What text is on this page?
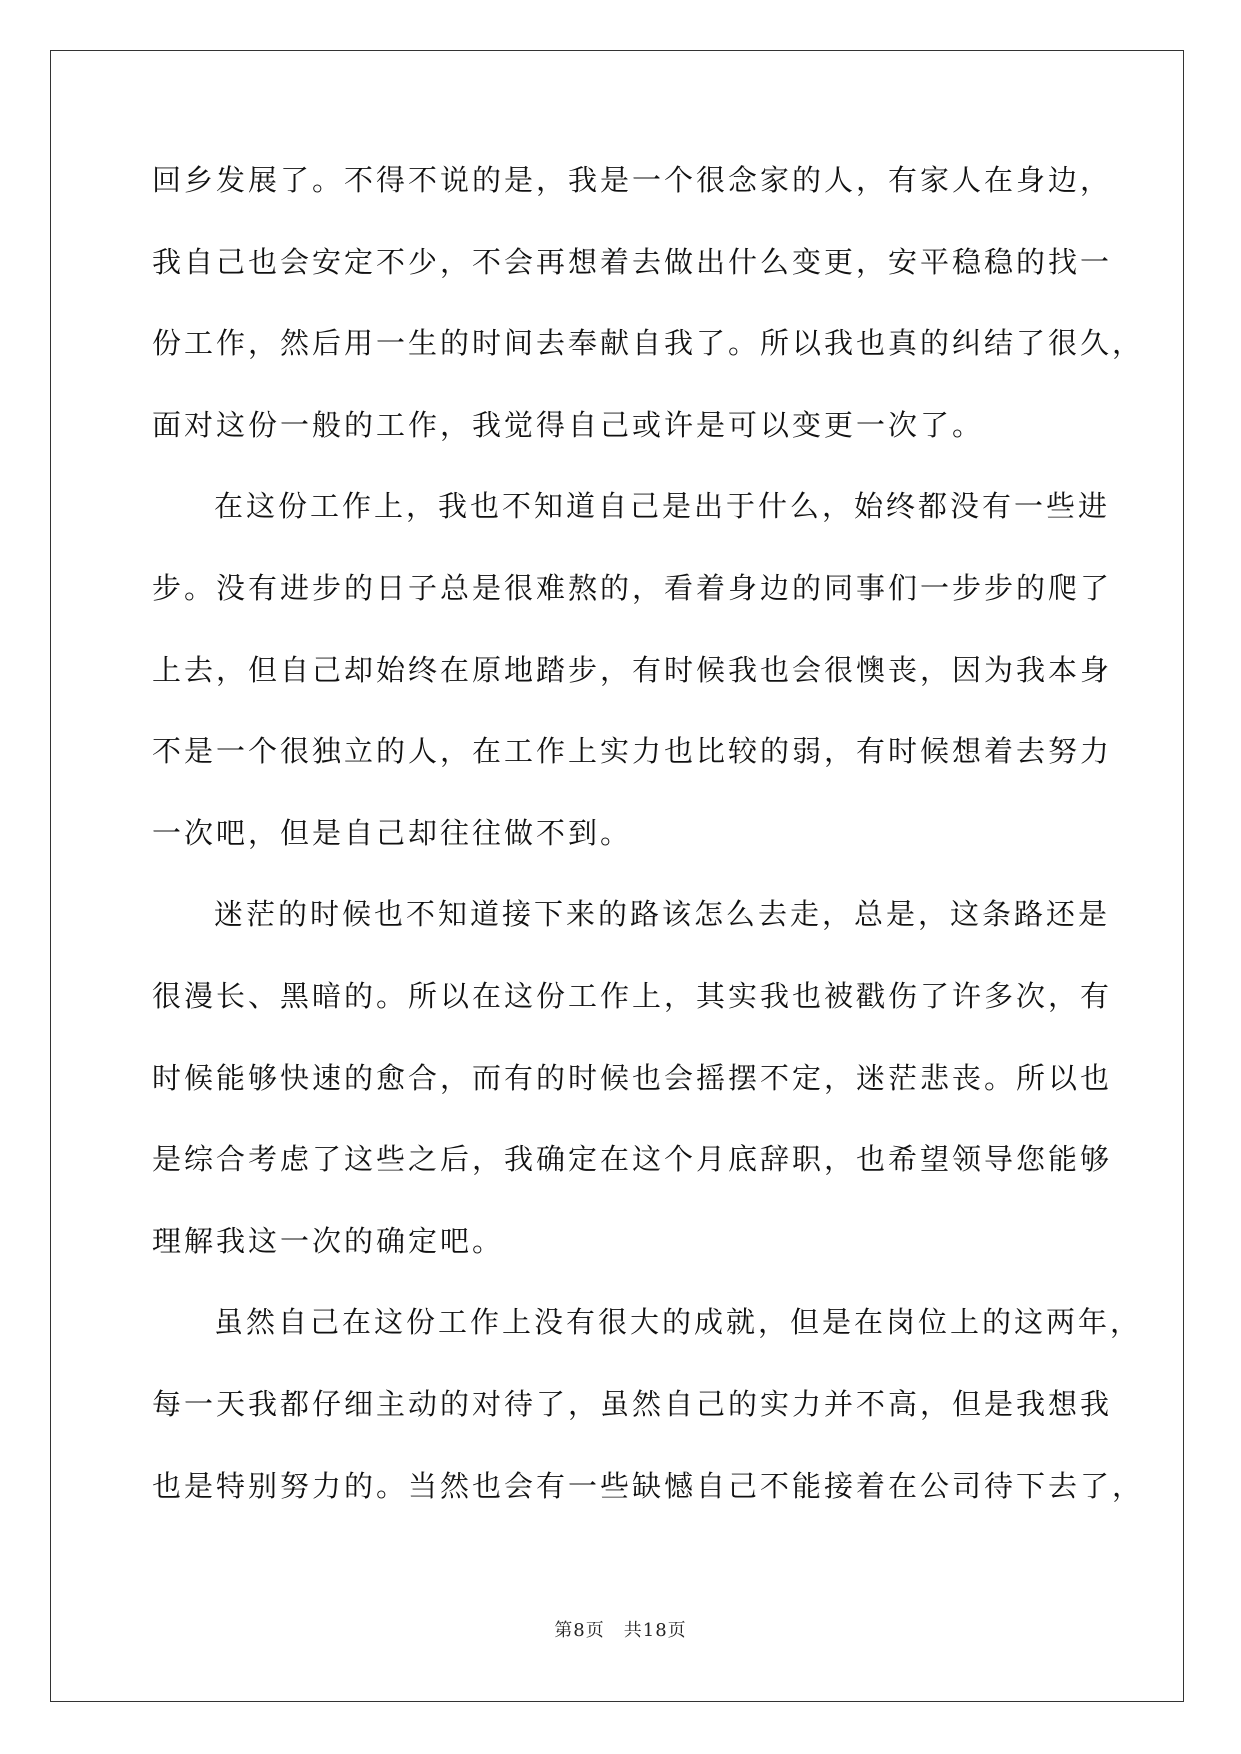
回乡发展了。不得不说的是，我是一个很念家的人，有家人在身边，
我自己也会安定不少，不会再想着去做出什么变更，安平稳稳的找一
份工作，然后用一生的时间去奉献自我了。所以我也真的纠结了很久，
面对这份一般的工作，我觉得自己或许是可以变更一次了。
在这份工作上，我也不知道自己是出于什么，始终都没有一些进
步。没有进步的日子总是很难熬的，看着身边的同事们一步步的爬了
上去，但自己却始终在原地踏步，有时候我也会很懊丧，因为我本身
不是一个很独立的人，在工作上实力也比较的弱，有时候想着去努力
一次吧，但是自己却往往做不到。
迷茫的时候也不知道接下来的路该怎么去走，总是，这条路还是
很漫长、黑暗的。所以在这份工作上，其实我也被戳伤了许多次，有
时候能够快速的愈合，而有的时候也会摇摆不定，迷茫悲丧。所以也
是综合考虑了这些之后，我确定在这个月底辞职，也希望领导您能够
理解我这一次的确定吧。
虽然自己在这份工作上没有很大的成就，但是在岗位上的这两年，
每一天我都仔细主动的对待了，虽然自己的实力并不高，但是我想我
也是特别努力的。当然也会有一些缺憾自己不能接着在公司待下去了，
第8页　共18页
